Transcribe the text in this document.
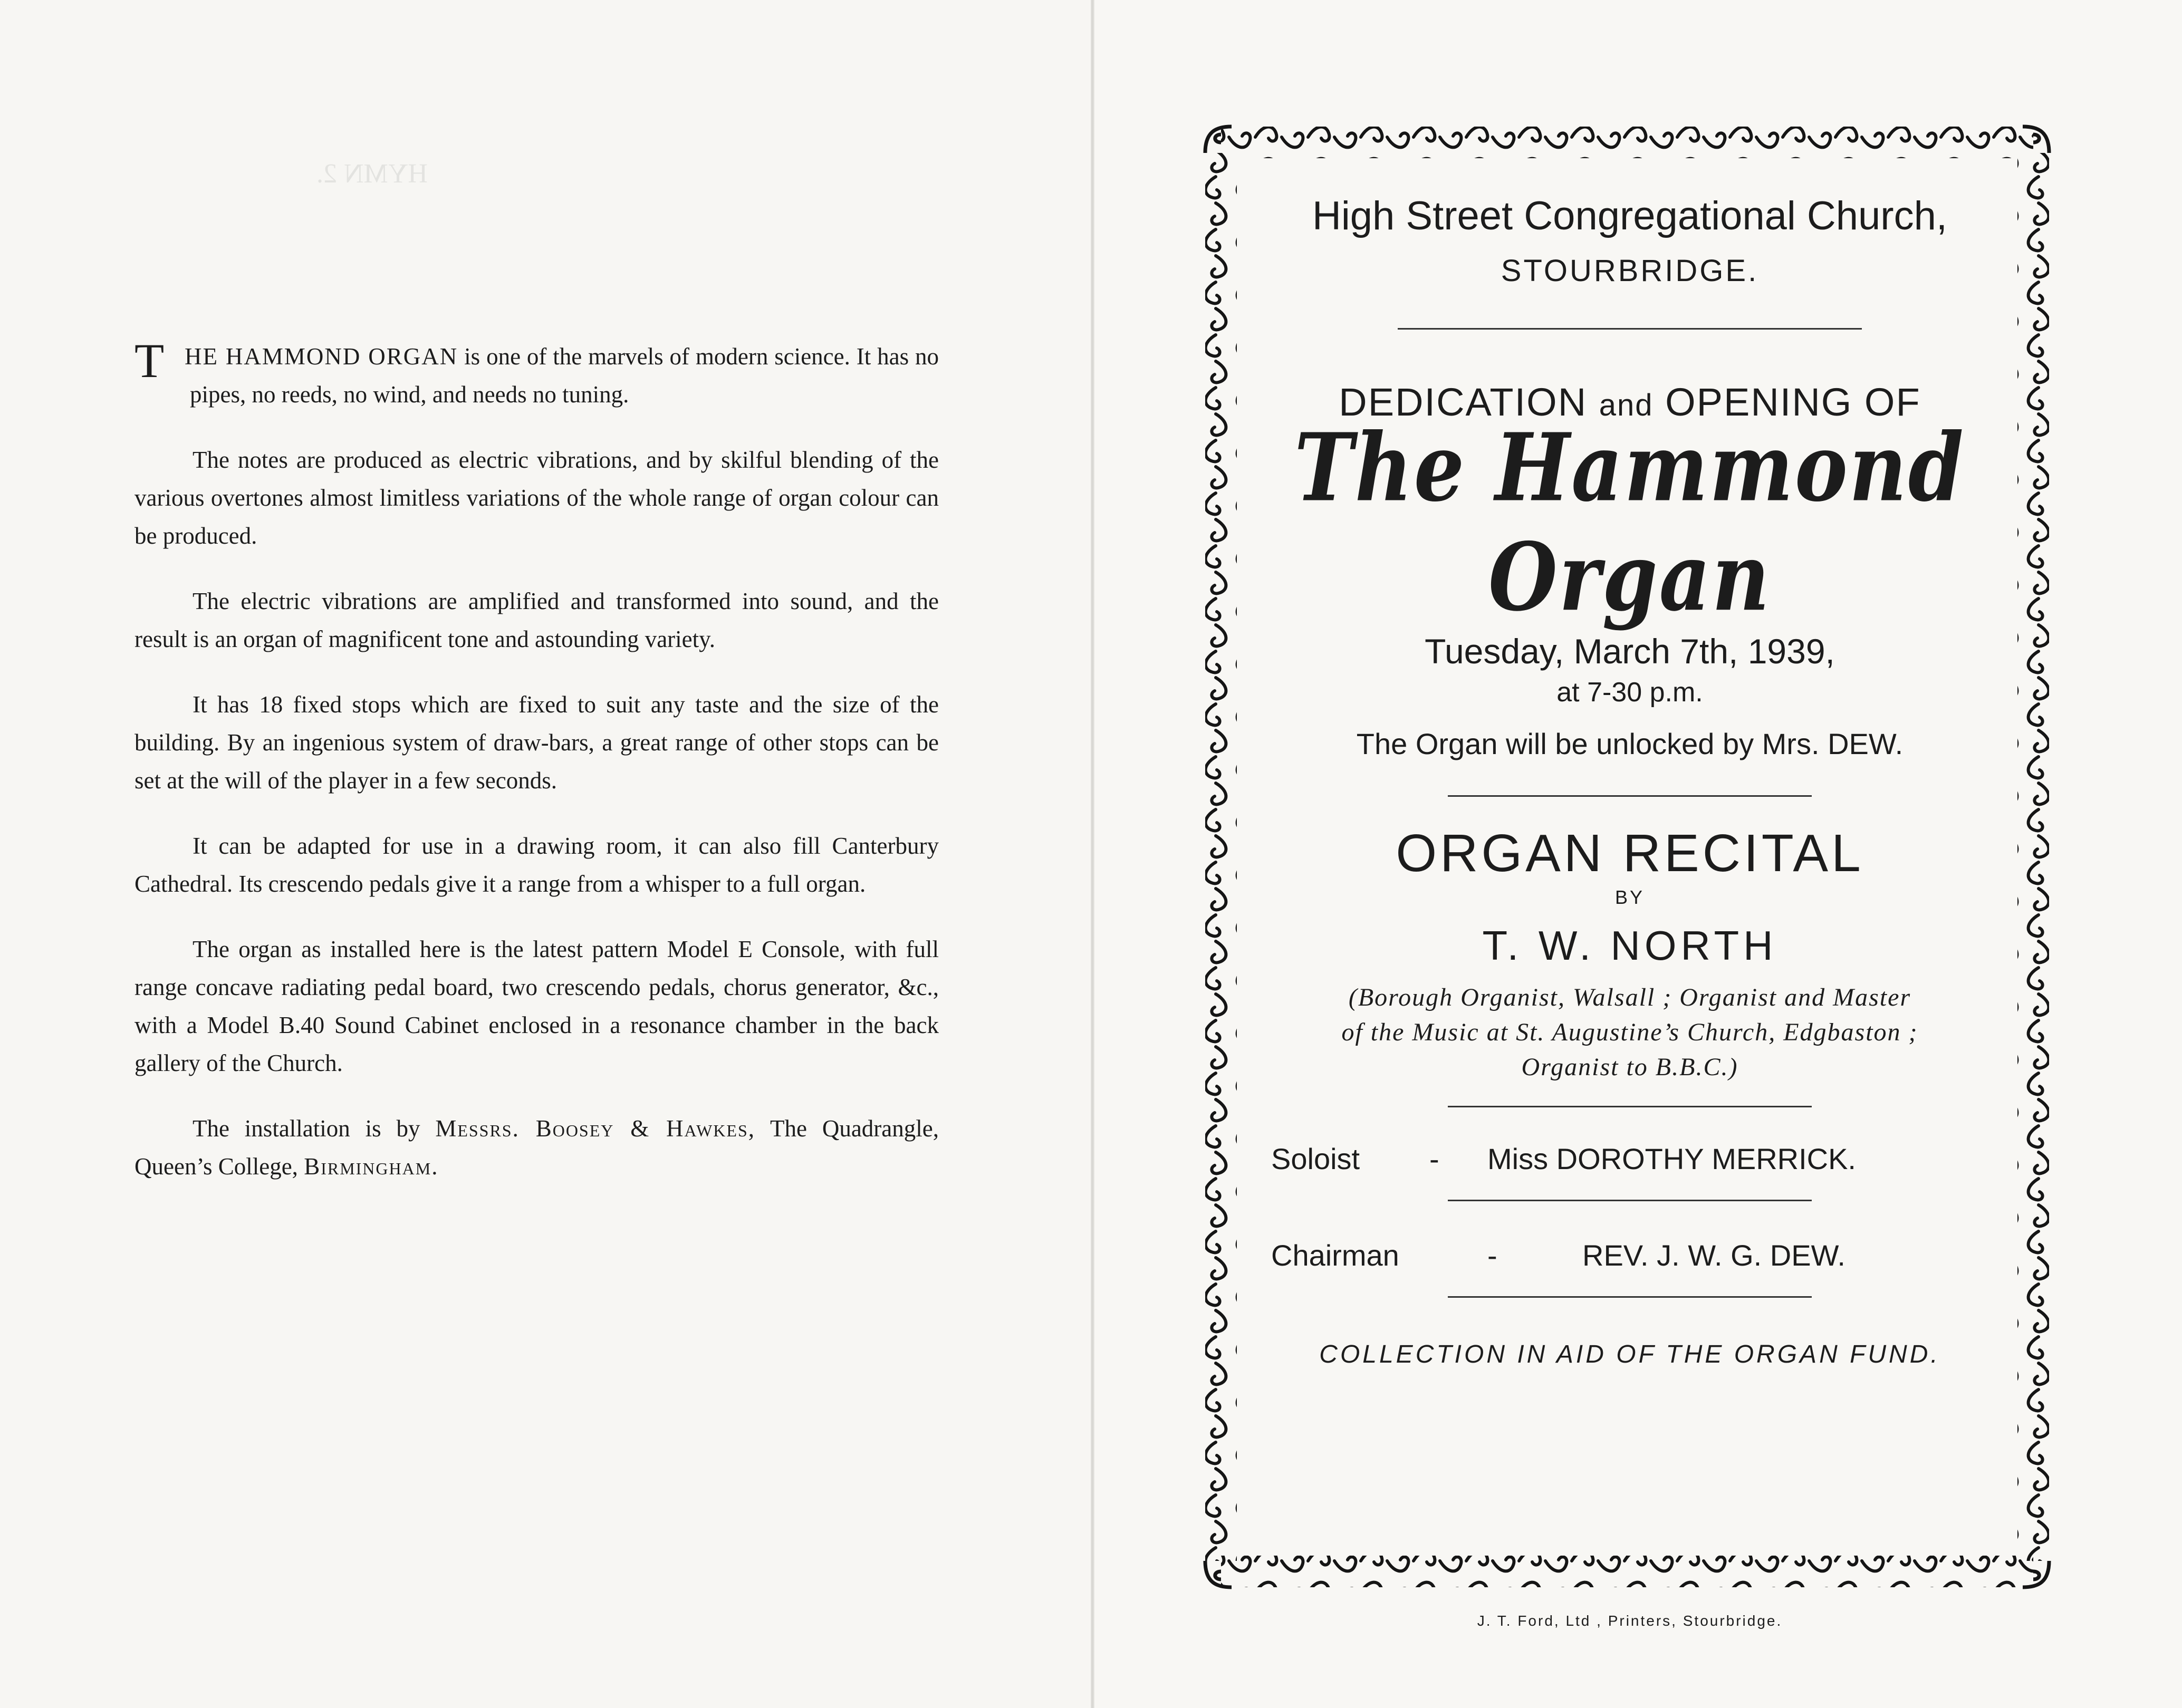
HYMN 2.

T HE HAMMOND ORGAN is one of the marvels of modern science. It has no pipes, no reeds, no wind, and needs no tuning.

The notes are produced as electric vibrations, and by skilful blending of the various overtones almost limitless variations of the whole range of organ colour can be produced.

The electric vibrations are amplified and transformed into sound, and the result is an organ of magnificent tone and astounding variety.

It has 18 fixed stops which are fixed to suit any taste and the size of the building. By an ingenious system of draw-bars, a great range of other stops can be set at the will of the player in a few seconds.

It can be adapted for use in a drawing room, it can also fill Canterbury Cathedral. Its crescendo pedals give it a range from a whisper to a full organ.

The organ as installed here is the latest pattern Model E Console, with full range concave radiating pedal board, two crescendo pedals, chorus generator, &c., with a Model B.40 Sound Cabinet enclosed in a resonance chamber in the back gallery of the Church.

The installation is by Messrs. Boosey & Hawkes, The Quadrangle, Queen’s College, Birmingham.

High Street Congregational Church,

STOURBRIDGE.

DEDICATION and OPENING OF

The Hammond Organ

Tuesday, March 7th, 1939,

at 7-30 p.m.

The Organ will be unlocked by Mrs. DEW.

ORGAN RECITAL

BY

T. W. NORTH

(Borough Organist, Walsall ; Organist and Master

of the Music at St. Augustine’s Church, Edgbaston ;

Organist to B.B.C.)

Soloist - Miss DOROTHY MERRICK.
Chairman	-	REV. J. W. G. DEW.

COLLECTION IN AID OF THE ORGAN FUND.

J. T. Ford, Ltd , Printers, Stourbridge.
